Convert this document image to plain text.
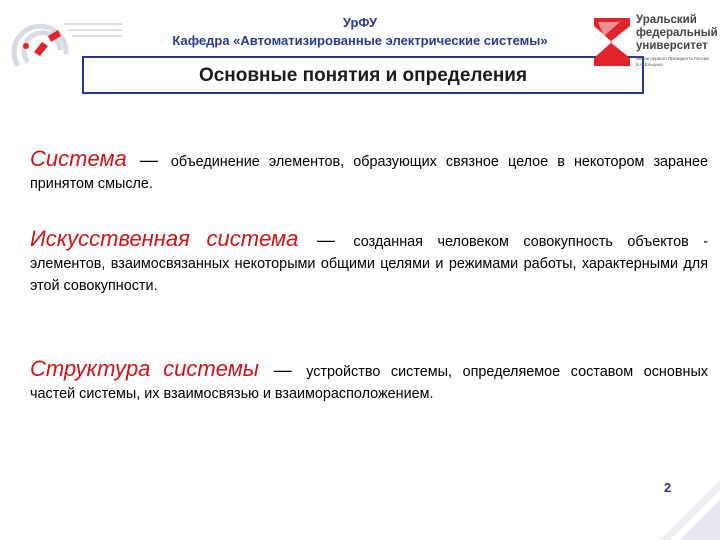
УрФУ
Кафедра «Автоматизированные электрические системы»
Основные понятия и определения
Уральский
федеральный
университет
имени первого Президента России Б.Н.Ельцина
Система — объединение элементов, образующих связное целое в некотором заранее принятом смысле.
Искусственная система — созданная человеком совокупность объектов - элементов, взаимосвязанных некоторыми общими целями и режимами работы, характерными для этой совокупности.
Структура системы — устройство системы, определяемое составом основных частей системы, их взаимосвязью и взаиморасположением.
2
